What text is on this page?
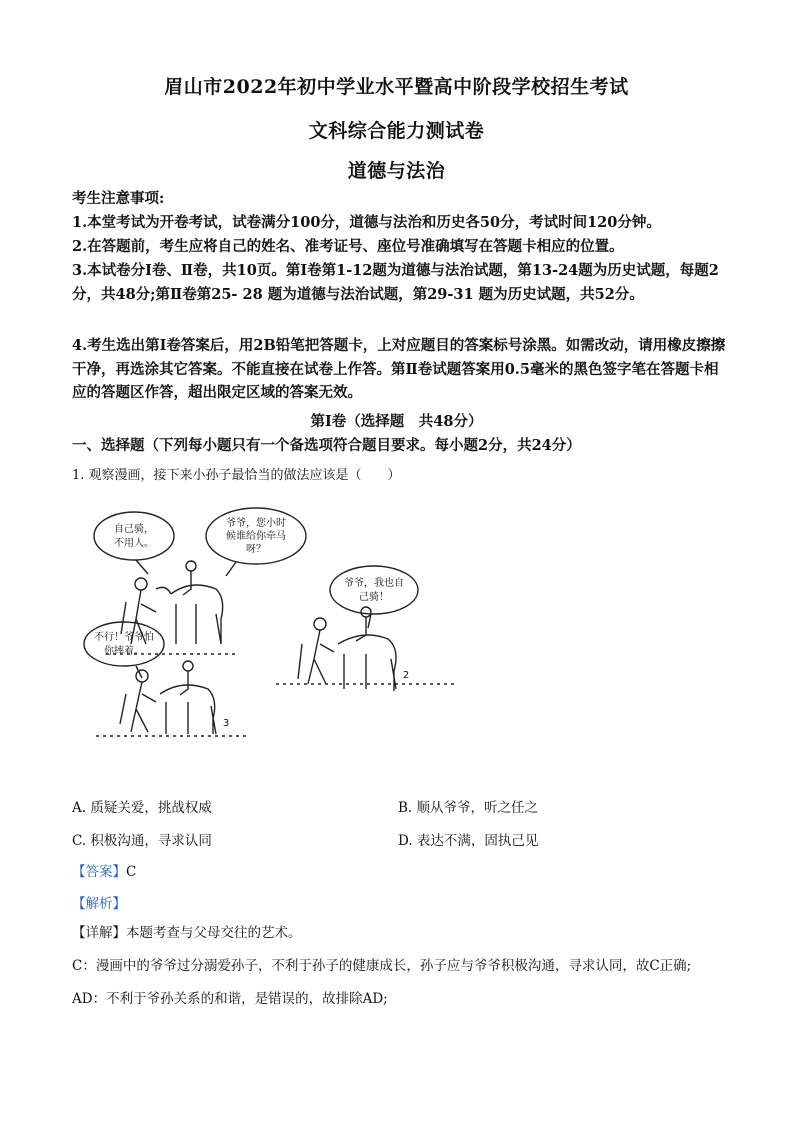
眉山市2022年初中学业水平暨高中阶段学校招生考试
文科综合能力测试卷
道德与法治
考生注意事项:
1.本堂考试为开卷考试，试卷满分100分，道德与法治和历史各50分，考试时间120分钟。
2.在答题前，考生应将自己的姓名、准考证号、座位号准确填写在答题卡相应的位置。
3.本试卷分Ⅰ卷、Ⅱ卷，共10页。第Ⅰ卷第1-12题为道德与法治试题，第13-24题为历史试题，每题2分，共48分;第Ⅱ卷第25- 28 题为道德与法治试题，第29-31 题为历史试题，共52分。
4.考生选出第Ⅰ卷答案后，用2B铅笔把答题卡，上对应题目的答案标号涂黑。如需改动，请用橡皮擦擦干净，再选涂其它答案。不能直接在试卷上作答。第Ⅱ卷试题答案用0.5毫米的黑色签字笔在答题卡相应的答题区作答，超出限定区域的答案无效。
第Ⅰ卷（选择题　共48分）
一、选择题（下列每小题只有一个备选项符合题目要求。每小题2分，共24分）
1. 观察漫画，接下来小孙子最恰当的做法应该是（　　）
自己骑，
不用人。
爷爷，您小时
候谁给你牵马
呀？
爷爷，我也自
己骑！
不行！爷爷怕
你摔着。
2
3
A. 质疑关爱，挑战权威	B. 顺从爷爷，听之任之
C. 积极沟通，寻求认同	D. 表达不满，固执己见
【答案】C
【解析】
【详解】本题考查与父母交往的艺术。
C：漫画中的爷爷过分溺爱孙子，不利于孙子的健康成长，孙子应与爷爷积极沟通，寻求认同，故C正确;
AD：不利于爷孙关系的和谐，是错误的，故排除AD;
